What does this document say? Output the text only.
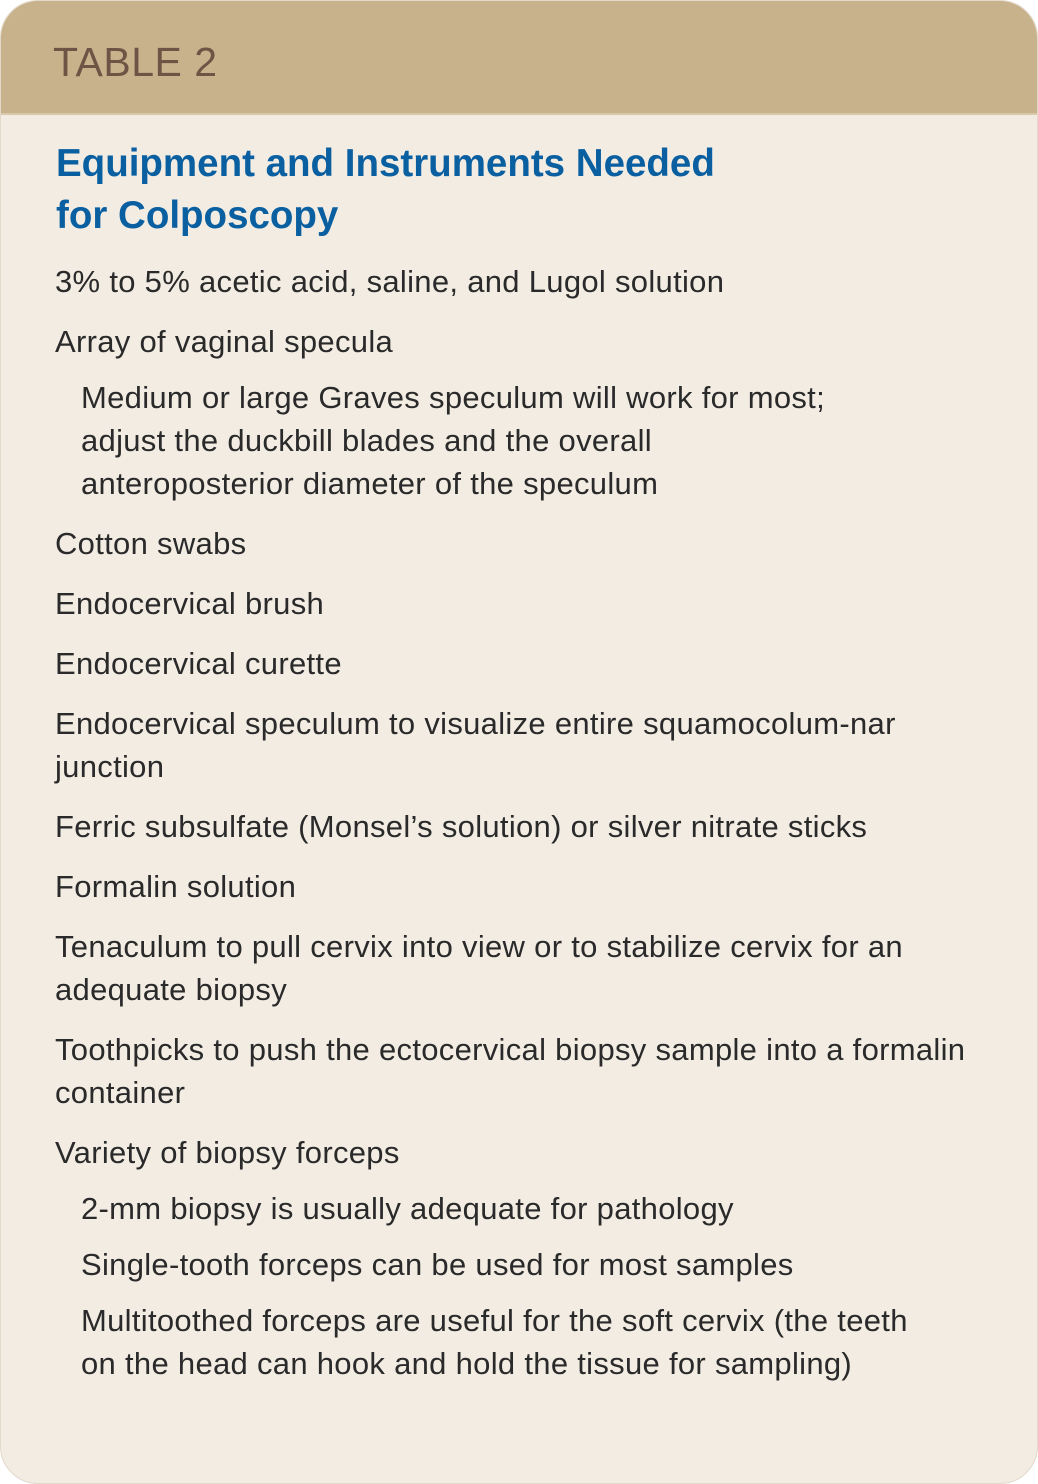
TABLE 2
Equipment and Instruments Needed
for Colposcopy
3% to 5% acetic acid, saline, and Lugol solution
Array of vaginal specula
Medium or large Graves speculum will work for most; adjust the duckbill blades and the overall anteroposterior diameter of the speculum
Cotton swabs
Endocervical brush
Endocervical curette
Endocervical speculum to visualize entire squamocolum-nar junction
Ferric subsulfate (Monsel’s solution) or silver nitrate sticks
Formalin solution
Tenaculum to pull cervix into view or to stabilize cervix for an adequate biopsy
Toothpicks to push the ectocervical biopsy sample into a formalin container
Variety of biopsy forceps
2-mm biopsy is usually adequate for pathology
Single-tooth forceps can be used for most samples
Multitoothed forceps are useful for the soft cervix (the teeth on the head can hook and hold the tissue for sampling)
